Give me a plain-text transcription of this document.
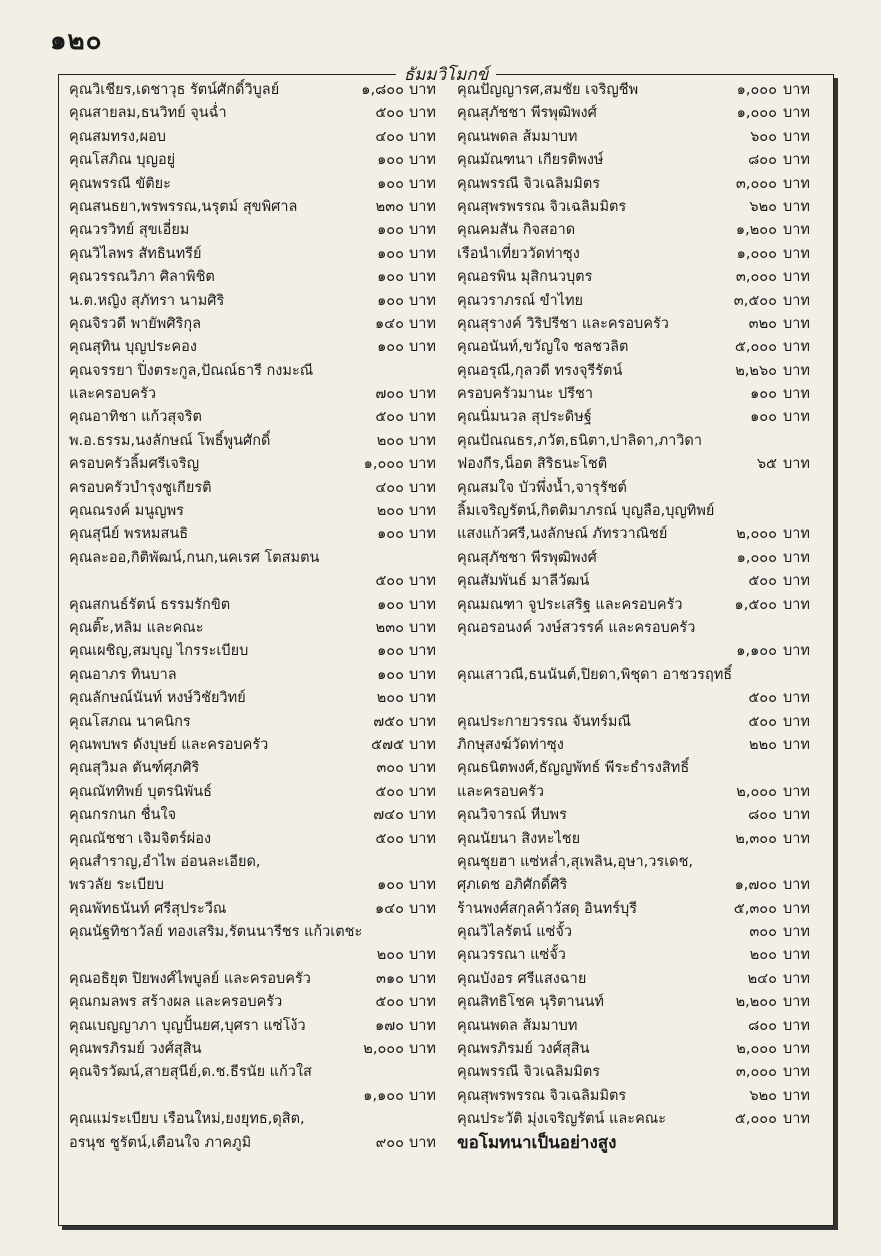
๑๒๐
ธัมมวิโมกข์
คุณวิเชียร,เดชาวุธ รัตน์ศักดิ์วิบูลย์	๑,๘๐๐ บาท
คุณสายลม,ธนวิทย์ จุนฉ่ำ	๕๐๐ บาท
คุณสมทรง,ผอบ	๔๐๐ บาท
คุณโสภิณ บุญอยู่	๑๐๐ บาท
คุณพรรณี ขัติยะ	๑๐๐ บาท
คุณสนธยา,พรพรรณ,นรุตม์ สุขพิศาล	๒๓๐ บาท
คุณวรวิทย์ สุขเอี่ยม	๑๐๐ บาท
คุณวิไลพร สัทธินทรีย์	๑๐๐ บาท
คุณวรรณวิภา ศิลาพิชิต	๑๐๐ บาท
น.ต.หญิง สุภัทรา นามศิริ	๑๐๐ บาท
คุณจิรวดี พายัพศิริกุล	๑๔๐ บาท
คุณสุทิน บุญประคอง	๑๐๐ บาท
คุณจรรยา ปิ่งตระกูล,ปัณณ์ธารี กงมะณี
และครอบครัว	๗๐๐ บาท
คุณอาทิชา แก้วสุจริต	๕๐๐ บาท
พ.อ.ธรรม,นงลักษณ์ โพธิ์พูนศักดิ์	๒๐๐ บาท
ครอบครัวลิ้มศรีเจริญ	๑,๐๐๐ บาท
ครอบครัวบำรุงชูเกียรติ	๔๐๐ บาท
คุณณรงค์ มนูญพร	๒๐๐ บาท
คุณสุนีย์ พรหมสนธิ	๑๐๐ บาท
คุณละออ,กิติพัฒน์,กนก,นคเรศ โตสมตน
๕๐๐ บาท
คุณสกนธ์รัตน์ ธรรมรักขิต	๑๐๐ บาท
คุณติ๊ะ,หลิม และคณะ	๒๓๐ บาท
คุณเผชิญ,สมบุญ ไกรระเบียบ	๑๐๐ บาท
คุณอาภร ทินบาล	๑๐๐ บาท
คุณลักษณ์นันท์ หงษ์วิชัยวิทย์	๒๐๐ บาท
คุณโสภณ นาคนิกร	๗๕๐ บาท
คุณพบพร ดังบุษย์ และครอบครัว	๕๗๕ บาท
คุณสุวิมล ตันฑ์ศุภศิริ	๓๐๐ บาท
คุณณัททิพย์ บุตรนิพันธ์	๕๐๐ บาท
คุณกรกนก ชื่นใจ	๗๔๐ บาท
คุณณัชชา เจิมจิตร์ผ่อง	๕๐๐ บาท
คุณสำราญ,อำไพ อ่อนละเอียด,
พรวลัย ระเบียบ	๑๐๐ บาท
คุณพัทธนันท์ ศรีสุประวีณ	๑๔๐ บาท
คุณนัฐทิชาวัลย์ ทองเสริม,รัตนนารีชร แก้วเตชะ
๒๐๐ บาท
คุณอธิยุต ปิยพงศ์ไพบูลย์ และครอบครัว	๓๑๐ บาท
คุณกมลพร สร้างผล และครอบครัว	๕๐๐ บาท
คุณเบญญาภา บุญปั้นยศ,บุศรา แซ่โง้ว	๑๗๐ บาท
คุณพรภิรมย์ วงศ์สุสิน	๒,๐๐๐ บาท
คุณจิรวัฒน์,สายสุนีย์,ด.ช.ธีรนัย แก้วใส
๑,๑๐๐ บาท
คุณแม่ระเบียบ เรือนใหม่,ยงยุทธ,ดุสิต,
อรนุช ชูรัตน์,เตือนใจ ภาคภูมิ	๙๐๐ บาท
คุณปัญญารศ,สมชัย เจริญชีพ	๑,๐๐๐ บาท
คุณสุภัชชา พีรพุฒิพงศ์	๑,๐๐๐ บาท
คุณนพดล ส้มมาบท	๖๐๐ บาท
คุณมัณฑนา เกียรติพงษ์	๘๐๐ บาท
คุณพรรณี จิวเฉลิมมิตร	๓,๐๐๐ บาท
คุณสุพรพรรณ จิวเฉลิมมิตร	๖๒๐ บาท
คุณคมสัน กิจสอาด	๑,๒๐๐ บาท
เรือนำเที่ยววัดท่าซุง	๑,๐๐๐ บาท
คุณอรพิน มุสิกนวบุตร	๓,๐๐๐ บาท
คุณวราภรณ์ ขำไทย	๓,๕๐๐ บาท
คุณสุรางค์ วิริปรีชา และครอบครัว	๓๒๐ บาท
คุณอนันท์,ขวัญใจ ชลชวลิต	๕,๐๐๐ บาท
คุณอรุณี,กุลวดี ทรงจุรีรัตน์	๒,๒๖๐ บาท
ครอบครัวมานะ ปรีชา	๑๐๐ บาท
คุณนิ่มนวล สุประดิษฐ์	๑๐๐ บาท
คุณปัณณธร,ภวัต,ธนิตา,ปาลิดา,ภาวิดา
ฟองกีร,น็อต สิริธนะโชติ	๖๕ บาท
คุณสมใจ บัวพึ่งน้ำ,จารุรัชต์
ลิ้มเจริญรัตน์,กิตติมาภรณ์ บุญลือ,บุญทิพย์
แสงแก้วศรี,นงลักษณ์ ภัทรวาณิชย์	๒,๐๐๐ บาท
คุณสุภัชชา พีรพุฒิพงศ์	๑,๐๐๐ บาท
คุณสัมพันธ์ มาลีวัฒน์	๕๐๐ บาท
คุณมณฑา จูประเสริฐ และครอบครัว	๑,๕๐๐ บาท
คุณอรอนงค์ วงษ์สวรรค์ และครอบครัว
๑,๑๐๐ บาท
คุณเสาวณี,ธนนันต์,ปิยดา,พิชุดา อาชวรฤทธิ์
๕๐๐ บาท
คุณประกายวรรณ จันทร์มณี	๕๐๐ บาท
ภิกษุสงฆ์วัดท่าซุง	๒๒๐ บาท
คุณธนิตพงศ์,ธัญญพัทธ์ พีระธำรงสิทธิ์
และครอบครัว	๒,๐๐๐ บาท
คุณวิจารณ์ หีบพร	๘๐๐ บาท
คุณนัยนา สิงหะไชย	๒,๓๐๐ บาท
คุณชุยฮา แซ่หล่ำ,สุเพลิน,อุษา,วรเดช,
ศุภเดช อภิศักดิ์ศิริ	๑,๗๐๐ บาท
ร้านพงศ์สกุลค้าวัสดุ อินทร์บุรี	๕,๓๐๐ บาท
คุณวิไลรัตน์ แซ่จั้ว	๓๐๐ บาท
คุณวรรณา แซ่จั้ว	๒๐๐ บาท
คุณบังอร ศรีแสงฉาย	๒๔๐ บาท
คุณสิทธิโชค นุริตานนท์	๒,๒๐๐ บาท
คุณนพดล ส้มมาบท	๘๐๐ บาท
คุณพรภิรมย์ วงศ์สุสิน	๒,๐๐๐ บาท
คุณพรรณี จิวเฉลิมมิตร	๓,๐๐๐ บาท
คุณสุพรพรรณ จิวเฉลิมมิตร	๖๒๐ บาท
คุณประวัติ มุ่งเจริญรัตน์ และคณะ	๕,๐๐๐ บาท
ขอโมทนาเป็นอย่างสูง
